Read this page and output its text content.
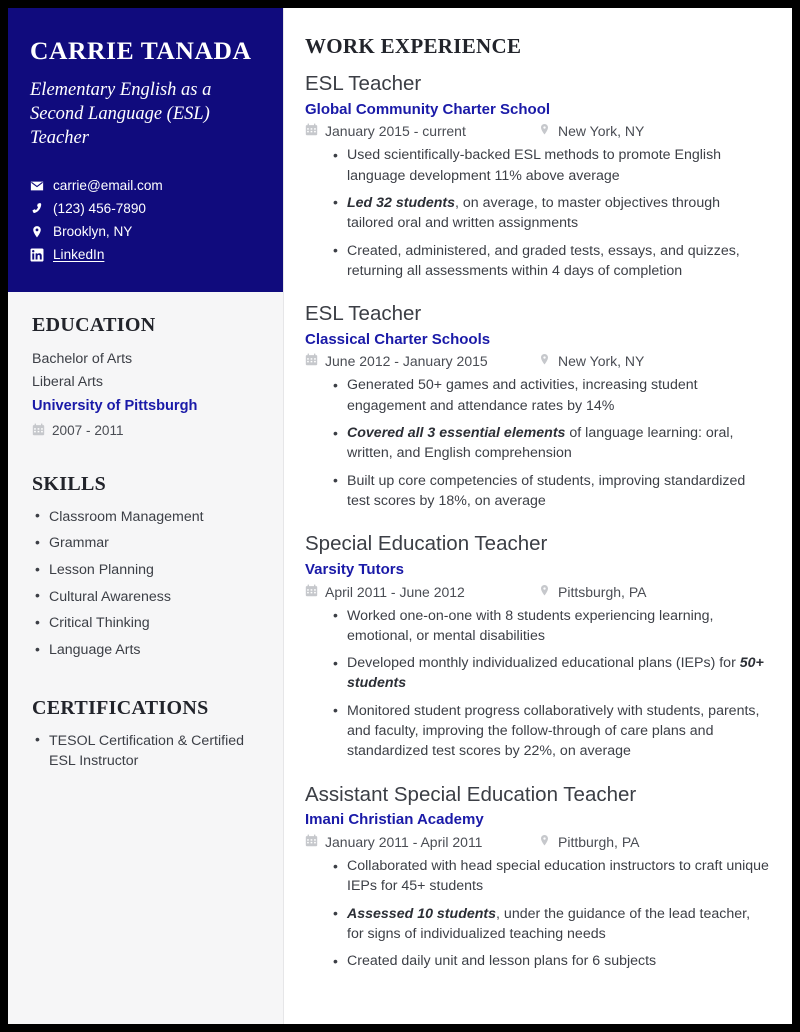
CARRIE TANADA
Elementary English as a Second Language (ESL) Teacher
carrie@email.com
(123) 456-7890
Brooklyn, NY
LinkedIn
EDUCATION
Bachelor of Arts
Liberal Arts
University of Pittsburgh
2007 - 2011
SKILLS
• Classroom Management
• Grammar
• Lesson Planning
• Cultural Awareness
• Critical Thinking
• Language Arts
CERTIFICATIONS
• TESOL Certification & Certified ESL Instructor
WORK EXPERIENCE
ESL Teacher
Global Community Charter School
January 2015 - current	New York, NY
• Used scientifically-backed ESL methods to promote English language development 11% above average
• Led 32 students, on average, to master objectives through tailored oral and written assignments
• Created, administered, and graded tests, essays, and quizzes, returning all assessments within 4 days of completion
ESL Teacher
Classical Charter Schools
June 2012 - January 2015	New York, NY
• Generated 50+ games and activities, increasing student engagement and attendance rates by 14%
• Covered all 3 essential elements of language learning: oral, written, and English comprehension
• Built up core competencies of students, improving standardized test scores by 18%, on average
Special Education Teacher
Varsity Tutors
April 2011 - June 2012	Pittsburgh, PA
• Worked one-on-one with 8 students experiencing learning, emotional, or mental disabilities
• Developed monthly individualized educational plans (IEPs) for 50+ students
• Monitored student progress collaboratively with students, parents, and faculty, improving the follow-through of care plans and standardized test scores by 22%, on average
Assistant Special Education Teacher
Imani Christian Academy
January 2011 - April 2011	Pittburgh, PA
• Collaborated with head special education instructors to craft unique IEPs for 45+ students
• Assessed 10 students, under the guidance of the lead teacher, for signs of individualized teaching needs
• Created daily unit and lesson plans for 6 subjects
